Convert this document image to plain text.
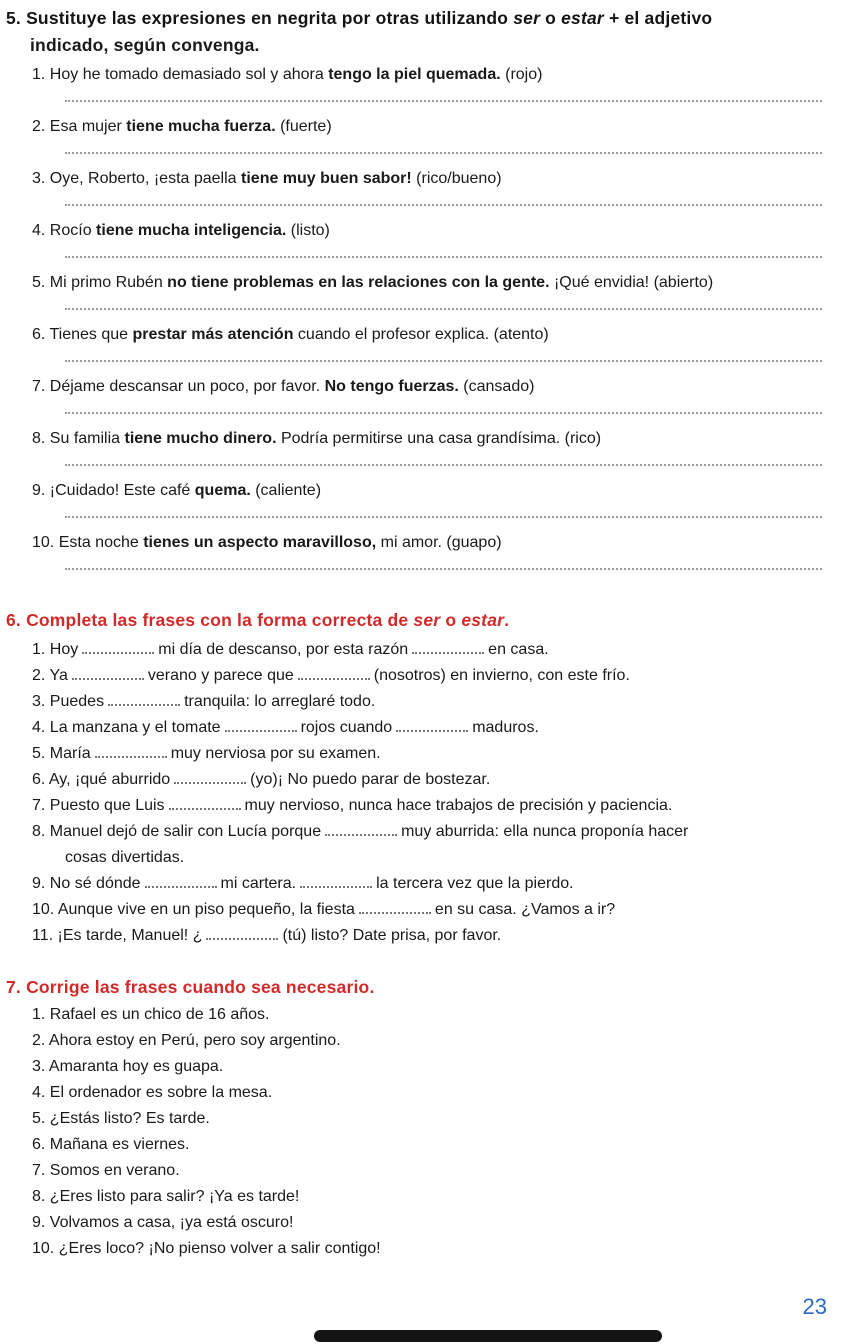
5. Sustituye las expresiones en negrita por otras utilizando ser o estar + el adjetivo
indicado, según convenga.
1. Hoy he tomado demasiado sol y ahora tengo la piel quemada. (rojo)
2. Esa mujer tiene mucha fuerza. (fuerte)
3. Oye, Roberto, ¡esta paella tiene muy buen sabor! (rico/bueno)
4. Rocío tiene mucha inteligencia. (listo)
5. Mi primo Rubén no tiene problemas en las relaciones con la gente. ¡Qué envidia! (abierto)
6. Tienes que prestar más atención cuando el profesor explica. (atento)
7. Déjame descansar un poco, por favor. No tengo fuerzas. (cansado)
8. Su familia tiene mucho dinero. Podría permitirse una casa grandísima. (rico)
9. ¡Cuidado! Este café quema. (caliente)
10. Esta noche tienes un aspecto maravilloso, mi amor. (guapo)
6. Completa las frases con la forma correcta de ser o estar.
1. Hoy	mi día de descanso, por esta razón	en casa.
2. Ya	verano y parece que	(nosotros) en invierno, con este frío.
3. Puedes	tranquila: lo arreglaré todo.
4. La manzana y el tomate	rojos cuando	maduros.
5. María	muy nerviosa por su examen.
6. Ay, ¡qué aburrido	(yo)¡ No puedo parar de bostezar.
7. Puesto que Luis	muy nervioso, nunca hace trabajos de precisión y paciencia.
8. Manuel dejó de salir con Lucía porque	muy aburrida: ella nunca proponía hacer
cosas divertidas.
9. No sé dónde	mi cartera.	la tercera vez que la pierdo.
10. Aunque vive en un piso pequeño, la fiesta	en su casa. ¿Vamos a ir?
11. ¡Es tarde, Manuel! ¿	(tú) listo? Date prisa, por favor.
7. Corrige las frases cuando sea necesario.
1. Rafael es un chico de 16 años.
2. Ahora estoy en Perú, pero soy argentino.
3. Amaranta hoy es guapa.
4. El ordenador es sobre la mesa.
5. ¿Estás listo? Es tarde.
6. Mañana es viernes.
7. Somos en verano.
8. ¿Eres listo para salir? ¡Ya es tarde!
9. Volvamos a casa, ¡ya está oscuro!
10. ¿Eres loco? ¡No pienso volver a salir contigo!
23
